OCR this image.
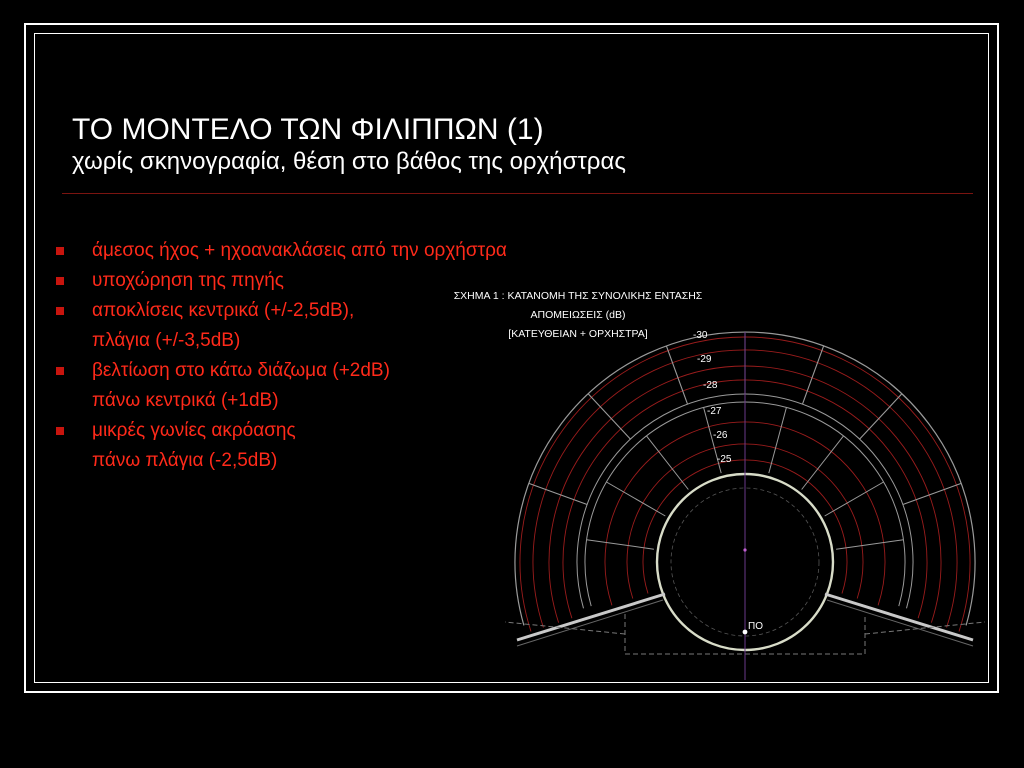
ΤΟ ΜΟΝΤΕΛΟ ΤΩΝ ΦΙΛΙΠΠΩΝ (1)
χωρίς σκηνογραφία, θέση στο βάθος της ορχήστρας
άμεσος ήχος + ηχοανακλάσεις από την ορχήστρα
υποχώρηση της πηγής
αποκλίσεις κεντρικά (+/-2,5dB),
πλάγια (+/-3,5dB)
βελτίωση στο κάτω διάζωμα (+2dB)
πάνω κεντρικά (+1dB)
μικρές γωνίες ακρόασης
πάνω πλάγια (-2,5dB)
ΣΧΗΜΑ 1 : ΚΑΤΑΝΟΜΗ ΤΗΣ ΣΥΝΟΛΙΚΗΣ ΕΝΤΑΣΗΣ
ΑΠΟΜΕΙΩΣΕΙΣ (dB)
[ΚΑΤΕΥΘΕΙΑΝ + ΟΡΧΗΣΤΡΑ]
ΠΟ
-30
-29
-28
-27
-26
-25
